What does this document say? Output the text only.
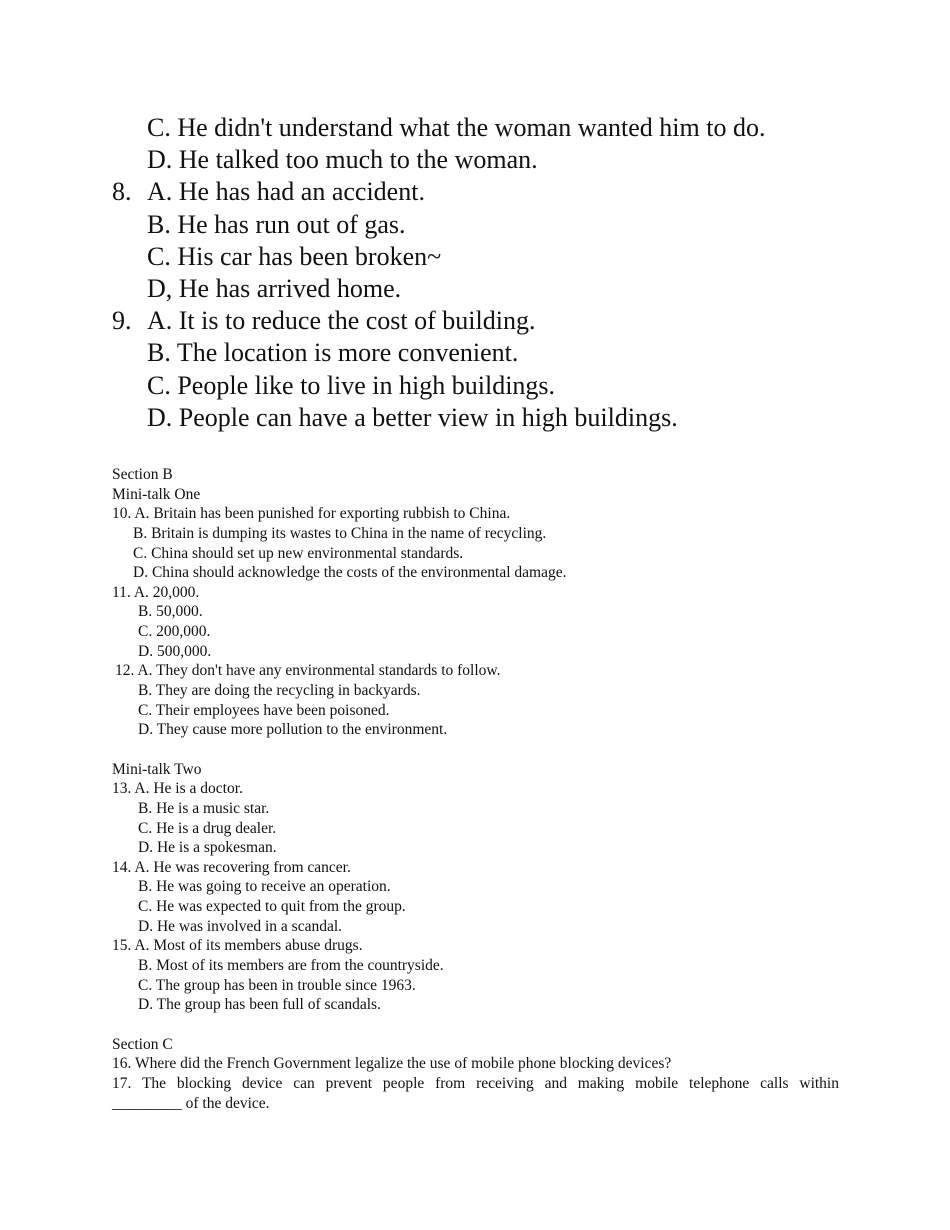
C. He didn't understand what the woman wanted him to do.
D. He talked too much to the woman.
8. A. He has had an accident.
B. He has run out of gas.
C. His car has been broken~
D, He has arrived home.
9. A. It is to reduce the cost of building.
B. The location is more convenient.
C. People like to live in high buildings.
D. People can have a better view in high buildings.
Section B
Mini-talk One
10. A. Britain has been punished for exporting rubbish to China.
B. Britain is dumping its wastes to China in the name of recycling.
C. China should set up new environmental standards.
D. China should acknowledge the costs of the environmental damage.
11. A. 20,000.
B. 50,000.
C. 200,000.
D. 500,000.
12. A. They don't have any environmental standards to follow.
B. They are doing the recycling in backyards.
C. Their employees have been poisoned.
D. They cause more pollution to the environment.
Mini-talk Two
13. A. He is a doctor.
B. He is a music star.
C. He is a drug dealer.
D. He is a spokesman.
14. A. He was recovering from cancer.
B. He was going to receive an operation.
C. He was expected to quit from the group.
D. He was involved in a scandal.
15. A. Most of its members abuse drugs.
B. Most of its members are from the countryside.
C. The group has been in trouble since 1963.
D. The group has been full of scandals.
Section C
16. Where did the French Government legalize the use of mobile phone blocking devices?
17. The blocking device can prevent people from receiving and making mobile telephone calls within
_________ of the device.
